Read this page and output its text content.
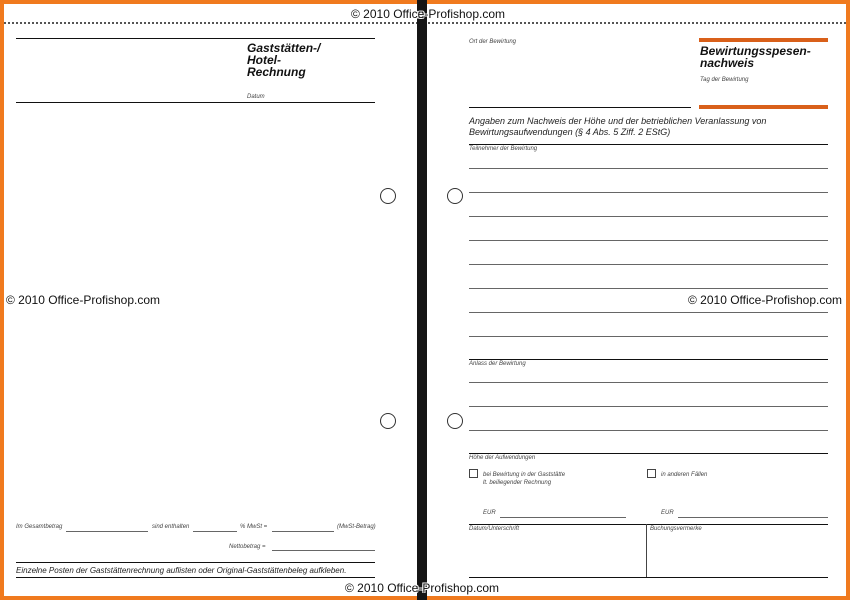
Gaststätten-/
Hotel-
Rechnung
Datum
Im Gesamtbetrag	sind enthalten	% MwSt =	(MwSt-Betrag)
Nettobetrag =
Einzelne Posten der Gaststättenrechnung auflisten oder Original-Gaststättenbeleg aufkleben.
Ort der Bewirtung
Bewirtungsspesen-
nachweis
Tag der Bewirtung
Angaben zum Nachweis der Höhe und der betrieblichen Veranlassung von
Bewirtungsaufwendungen (§ 4 Abs. 5 Ziff. 2 EStG)
Teilnehmer der Bewirtung
Anlass der Bewirtung
Höhe der Aufwendungen
bei Bewirtung in der Gaststätte
lt. beiliegender Rechnung
in anderen Fällen
EUR	EUR
Datum/Unterschrift	Buchungsvermerke
© 2010 Office-Profishop.com
© 2010 Office-Profishop.com	© 2010 Office-Profishop.com
© 2010 Office-Profishop.com
